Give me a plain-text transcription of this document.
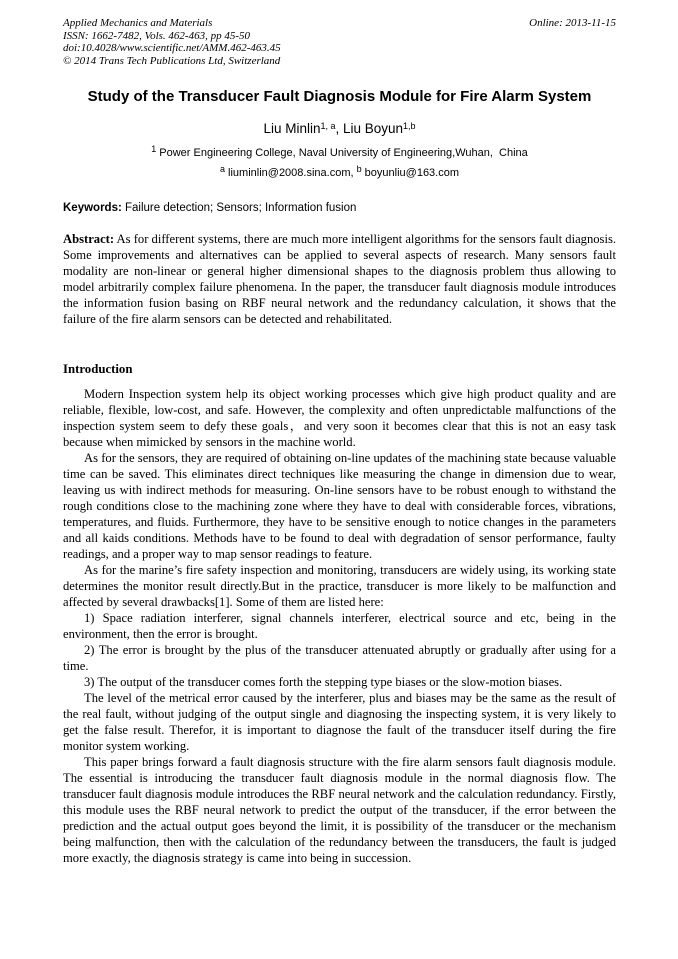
Applied Mechanics and Materials
ISSN: 1662-7482, Vols. 462-463, pp 45-50
doi:10.4028/www.scientific.net/AMM.462-463.45
© 2014 Trans Tech Publications Ltd, Switzerland
Online: 2013-11-15
Study of the Transducer Fault Diagnosis Module for Fire Alarm System
Liu Minlin$^{1, a}$, Liu Boyun$^{1,b}$
$^1$ Power Engineering College, Naval University of Engineering,Wuhan,  China
$^a$ liuminlin@2008.sina.com, $^b$ boyunliu@163.com
Keywords: Failure detection; Sensors; Information fusion
Abstract: As for different systems, there are much more intelligent algorithms for the sensors fault diagnosis. Some improvements and alternatives can be applied to several aspects of research. Many sensors fault modality are non-linear or general higher dimensional shapes to the diagnosis problem thus allowing to model arbitrarily complex failure phenomena. In the paper, the transducer fault diagnosis module introduces the information fusion basing on RBF neural network and the redundancy calculation, it shows that the failure of the fire alarm sensors can be detected and rehabilitated.
Introduction

Modern Inspection system help its object working processes which give high product quality and are reliable, flexible, low-cost, and safe. However, the complexity and often unpredictable malfunctions of the inspection system seem to defy these goals，and very soon it becomes clear that this is not an easy task because when mimicked by sensors in the machine world.

As for the sensors, they are required of obtaining on-line updates of the machining state because valuable time can be saved. This eliminates direct techniques like measuring the change in dimension due to wear, leaving us with indirect methods for measuring. On-line sensors have to be robust enough to withstand the rough conditions close to the machining zone where they have to deal with considerable forces, vibrations, temperatures, and fluids. Furthermore, they have to be sensitive enough to notice changes in the parameters and all kaids conditions. Methods have to be found to deal with degradation of sensor performance, faulty readings, and a proper way to map sensor readings to feature.

As for the marine’s fire safety inspection and monitoring, transducers are widely using, its working state determines the monitor result directly.But in the practice, transducer is more likely to be malfunction and affected by several drawbacks[1]. Some of them are listed here:

1) Space radiation interferer, signal channels interferer, electrical source and etc, being in the environment, then the error is brought.

2) The error is brought by the plus of the transducer attenuated abruptly or gradually after using for a time.

3) The output of the transducer comes forth the stepping type biases or the slow-motion biases.

The level of the metrical error caused by the interferer, plus and biases may be the same as the result of the real fault, without judging of the output single and diagnosing the inspecting system, it is very likely to get the false result. Therefor, it is important to diagnose the fault of the transducer itself during the fire monitor system working.

This paper brings forward a fault diagnosis structure with the fire alarm sensors fault diagnosis module. The essential is introducing the transducer fault diagnosis module in the normal diagnosis flow. The transducer fault diagnosis module introduces the RBF neural network and the calculation redundancy. Firstly, this module uses the RBF neural network to predict the output of the transducer, if the error between the prediction and the actual output goes beyond the limit, it is possibility of the transducer or the mechanism being malfunction, then with the calculation of the redundancy between the transducers, the fault is judged more exactly, the diagnosis strategy is came into being in succession.
